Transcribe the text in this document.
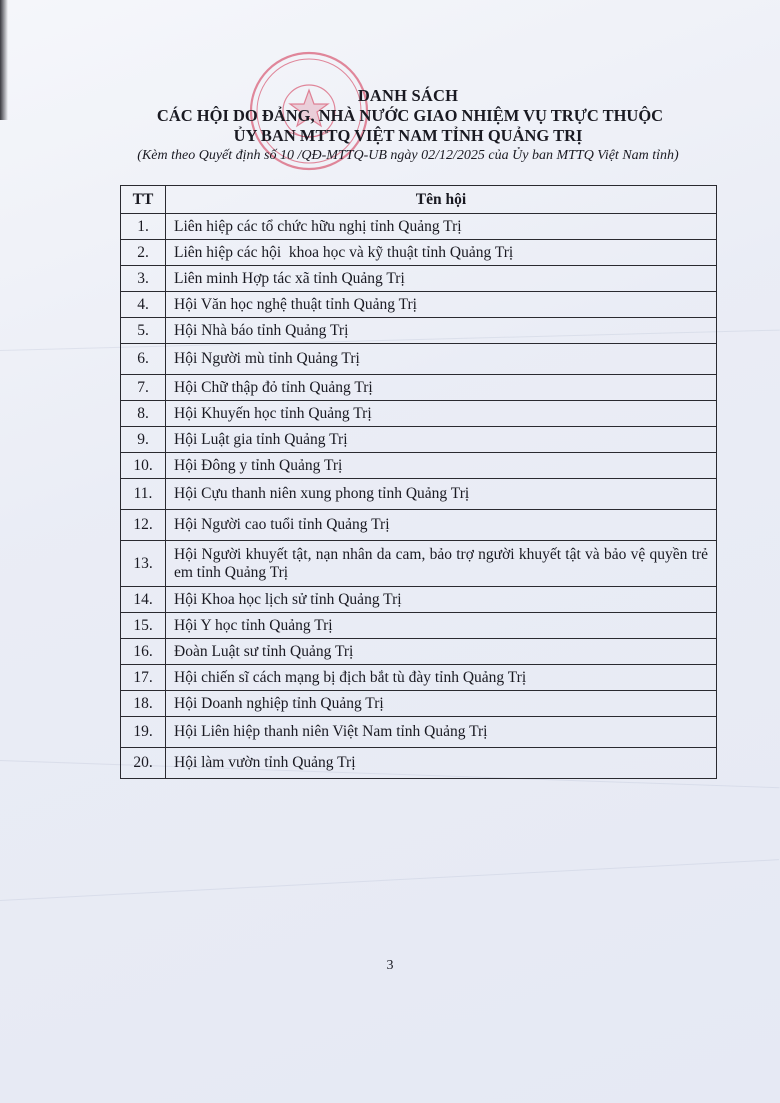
DANH SÁCH
CÁC HỘI DO ĐẢNG, NHÀ NƯỚC GIAO NHIỆM VỤ TRỰC THUỘC
ỦY BAN MTTQ VIỆT NAM TỈNH QUẢNG TRỊ
(Kèm theo Quyết định số 10 /QĐ-MTTQ-UB ngày 02/12/2025 của Ủy ban MTTQ Việt Nam tỉnh)
TT	Tên hội
1.	Liên hiệp các tổ chức hữu nghị tỉnh Quảng Trị
2.	Liên hiệp các hội  khoa học và kỹ thuật tỉnh Quảng Trị
3.	Liên minh Hợp tác xã tỉnh Quảng Trị
4.	Hội Văn học nghệ thuật tỉnh Quảng Trị
5.	Hội Nhà báo tỉnh Quảng Trị
6.	Hội Người mù tỉnh Quảng Trị
7.	Hội Chữ thập đỏ tỉnh Quảng Trị
8.	Hội Khuyến học tỉnh Quảng Trị
9.	Hội Luật gia tỉnh Quảng Trị
10.	Hội Đông y tỉnh Quảng Trị
11.	Hội Cựu thanh niên xung phong tỉnh Quảng Trị
12.	Hội Người cao tuổi tỉnh Quảng Trị
13.	Hội Người khuyết tật, nạn nhân da cam, bảo trợ người khuyết tật và bảo vệ quyền trẻ em tỉnh Quảng Trị
14.	Hội Khoa học lịch sử tỉnh Quảng Trị
15.	Hội Y học tỉnh Quảng Trị
16.	Đoàn Luật sư tỉnh Quảng Trị
17.	Hội chiến sĩ cách mạng bị địch bắt tù đày tỉnh Quảng Trị
18.	Hội Doanh nghiệp tỉnh Quảng Trị
19.	Hội Liên hiệp thanh niên Việt Nam tỉnh Quảng Trị
20.	Hội làm vườn tỉnh Quảng Trị
3
